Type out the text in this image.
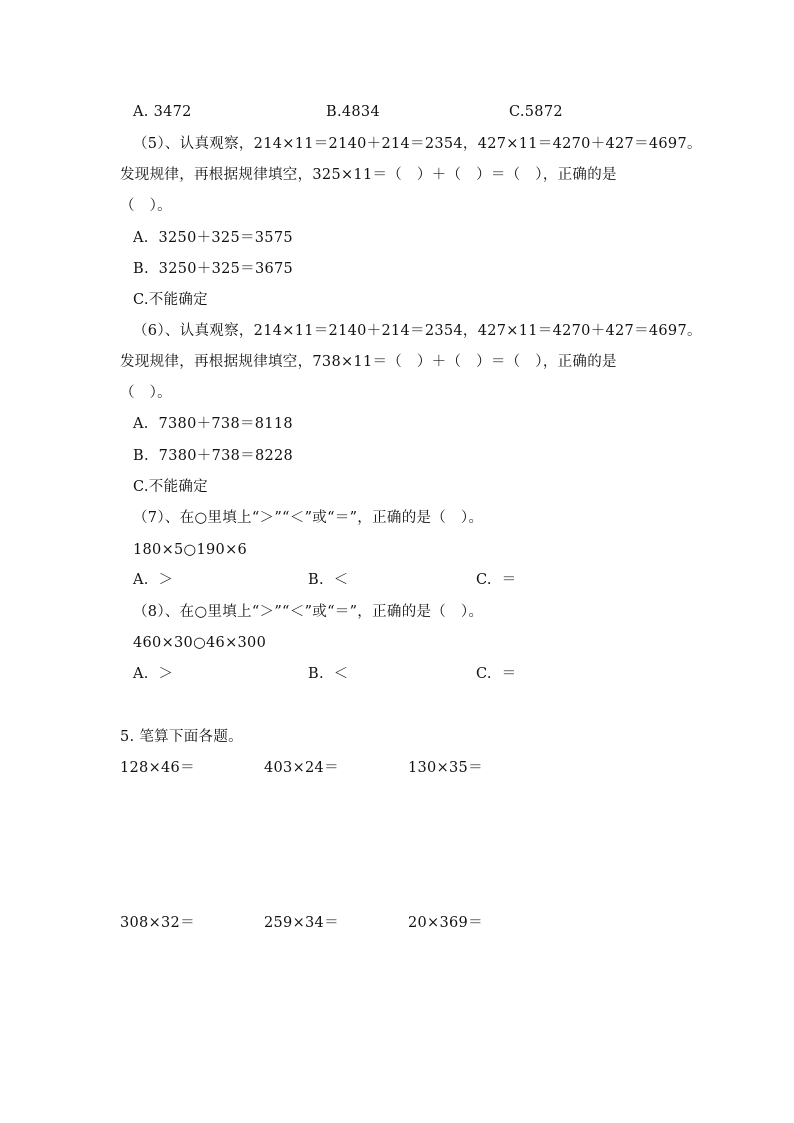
A. 3472	B.4834	C.5872
（5）、认真观察，214×11＝2140＋214＝2354，427×11＝4270＋427＝4697。
发现规律，再根据规律填空，325×11＝（　）＋（　）＝（　），正确的是
（　）。
A.  3250＋325＝3575
B.  3250＋325＝3675
C.不能确定
（6）、认真观察，214×11＝2140＋214＝2354，427×11＝4270＋427＝4697。
发现规律，再根据规律填空，738×11＝（　）＋（　）＝（　），正确的是
（　）。
A.  7380＋738＝8118
B.  7380＋738＝8228
C.不能确定
（7）、在○里填上“＞”“＜”或“＝”，正确的是（　）。
180×5○190×6
A.  ＞	B.  ＜	C.  ＝
（8）、在○里填上“＞”“＜”或“＝”，正确的是（　）。
460×30○46×300
A.  ＞	B.  ＜	C.  ＝
5. 笔算下面各题。
128×46＝	403×24＝	130×35＝
308×32＝	259×34＝	20×369＝
